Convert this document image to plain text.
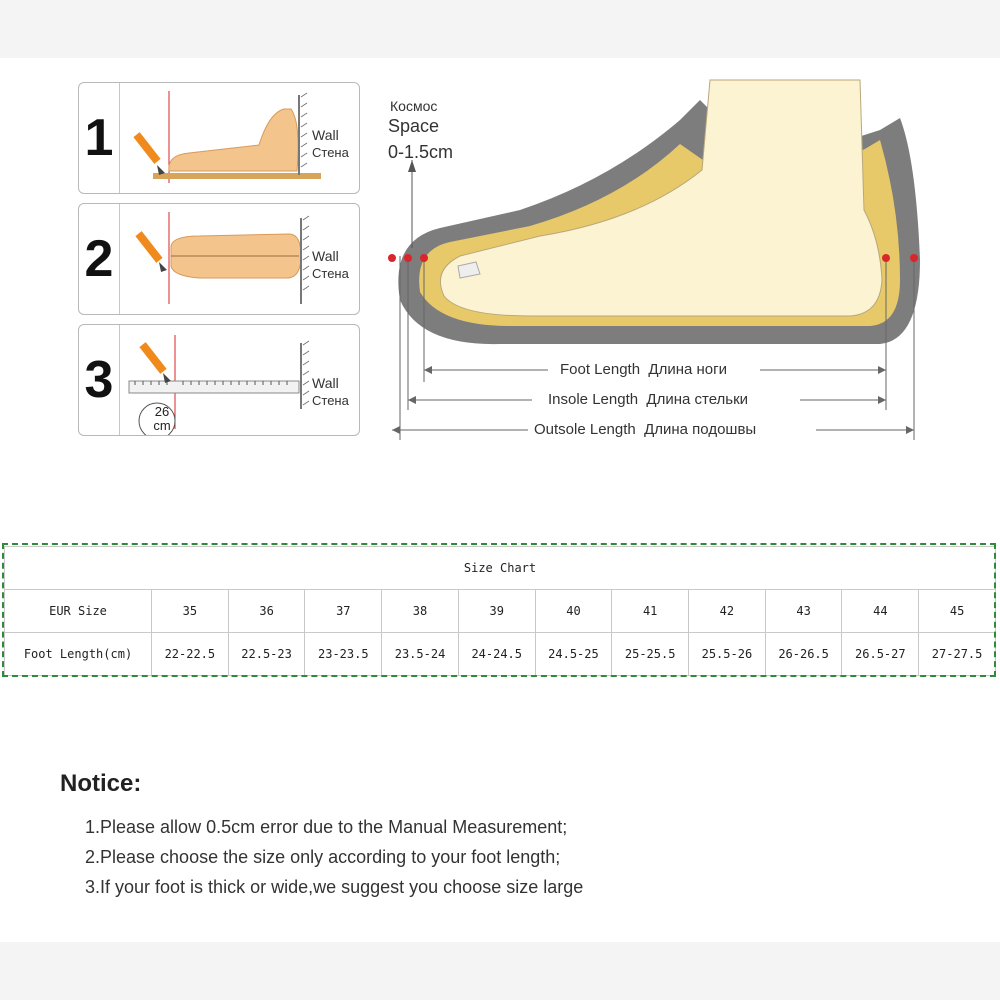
1	Wall
Стена
2	Wall
Стена
3
26
cm
Wall
Стена
Космос
Space
0-1.5cm
Foot Length Длина ноги
Insole Length Длина стельки
Outsole Length Длина подошвы
Size Chart											
EUR Size	35	36	37	38	39	40	41	42	43	44	45
Foot Length(cm)	22-22.5	22.5-23	23-23.5	23.5-24	24-24.5	24.5-25	25-25.5	25.5-26	26-26.5	26.5-27	27-27.5
Notice:
1.Please allow 0.5cm error due to the Manual Measurement;
2.Please choose the size only according to your foot length;
3.If your foot is thick or wide,we suggest you choose size large
